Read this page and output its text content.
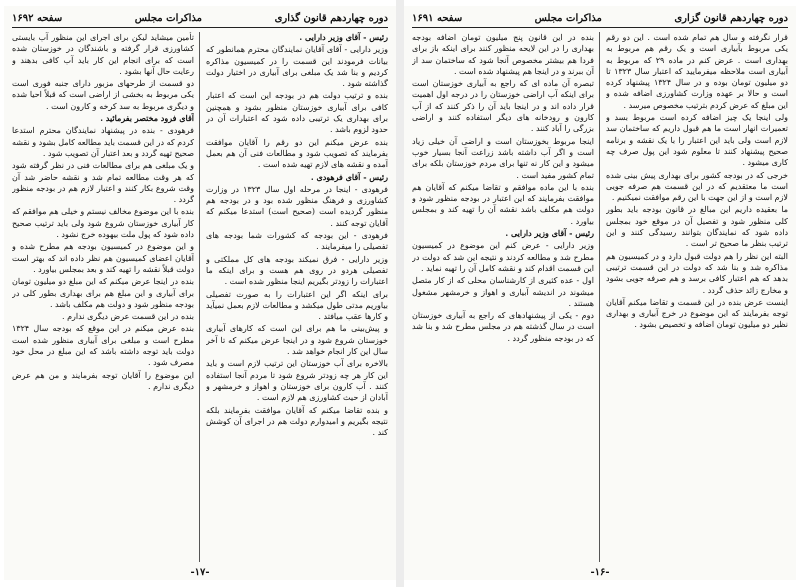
دوره چهاردهم قانون گذاری
مذاکرات مجلس
سفحه ۱۶۹۲

رئیس - آقای وزیر دارایی .

وزیر دارایی - آقای آقایان نمایندگان محترم همانطور که بیانات فرمودند این قسمت را در کمیسیون مذاکره کردیم و بنا شد یک مبلغی برای آبیاری در اختیار دولت گذاشته شود .

بنده و ترتیب دولت هم در بودجه این است که اعتبار کافی برای آبیاری خوزستان منظور بشود و همچنین برای بهداری یک ترتیبی داده شود که اعتبارات آن در حدود لزوم باشد .

بنده عرض میکنم این دو رقم را آقایان موافقت بفرمایند که تصویب شود و مطالعات فنی آن هم بعمل آمده و نقشه های لازم تهیه شده است .

رئیس - آقای فرهودی .

فرهودی - اینجا در مرحله اول سال ۱۳۲۳ در وزارت کشاورزی و فرهنگ منظور شده بود و در بودجه هم منظور گردیده است (صحیح است) استدعا میکنم که آقایان توجه کنند .

فرهودی - این بودجه که کشورات شما بودجه های تفصیلی را میفرمایند .

وزیر دارایی - فرق نمیکند بودجه های کل مملکتی و تفصیلی هردو در روی هم هست و برای اینکه ما اعتبارات را زودتر بگیریم اینجا منظور شده است .

برای اینکه اگر این اعتبارات را به صورت تفصیلی بیاوریم مدتی طول میکشد و مطالعات لازم بعمل نمیآید و کارها عقب میافتد .

و پیش‌بینی ما هم برای این است که کارهای آبیاری خوزستان شروع شود و در اینجا عرض میکنم که تا آخر سال این کار انجام خواهد شد .

بالاخره برای آب خوزستان این ترتیب لازم است و باید این کار هر چه زودتر شروع شود تا مردم آنجا استفاده کنند . آب کارون برای خوزستان و اهواز و خرمشهر و آبادان از حیث کشاورزی هم لازم است .

و بنده تقاضا میکنم که آقایان موافقت بفرمایند بلکه نتیجه بگیریم و امیدوارم دولت هم در اجرای آن کوشش کند .

تأمین میشاید لیکن برای اجرای این منظور آب بایستی کشاورزی قرار گرفته و باشندگان در خوزستان شده است که برای انجام این کار باید آب کافی بدهند و رعایت حال آنها بشود .

دو قسمت از طرحهای مزبور دارای جنبه فوری است یکی مربوط به بخشی از اراضی است که قبلاً احیا شده و دیگری مربوط به سد کرخه و کارون است .

آقای فرود مختصر بفرمائید .

فرهودی - بنده در پیشنهاد نمایندگان محترم استدعا کردم که در این قسمت باید مطالعه کامل بشود و نقشه صحیح تهیه گردد و بعد اعتبار آن تصویب شود .

و یک مبلغی هم برای مطالعات فنی در نظر گرفته شود که هر وقت مطالعه تمام شد و نقشه حاضر شد آن وقت شروع بکار کنند و اعتبار لازم هم در بودجه منظور گردد .

بنده با این موضوع مخالف نیستم و خیلی هم موافقم که کار آبیاری خوزستان شروع شود ولی باید ترتیب صحیح داده شود که پول ملت بیهوده خرج نشود .

و این موضوع در کمیسیون بودجه هم مطرح شده و آقایان اعضای کمیسیون هم نظر داده اند که بهتر است دولت قبلاً نقشه را تهیه کند و بعد بمجلس بیاورد .

بنده در اینجا عرض میکنم که این مبلغ دو میلیون تومان برای آبیاری و این مبلغ هم برای بهداری بطور کلی در بودجه منظور شود و دولت هم مکلف باشد .

بنده در این قسمت عرض دیگری ندارم .

بنده عرض میکنم در این موقع که بودجه سال ۱۳۲۴ مطرح است و مبلغی برای آبیاری منظور شده است دولت باید توجه داشته باشد که این مبلغ در محل خود مصرف شود .

این موضوع را آقایان توجه بفرمایند و من هم عرض دیگری ندارم .

-۱۷-
دوره چهاردهم قانون گزاری
مذاکرات مجلس
سفحه ۱۶۹۱

قرار نگرفته و سال هم تمام شده است . این دو رقم یکی مربوط بآبیاری است و یک رقم هم مربوط به بهداری است . عرض کنم در ماده ۲۹ که مربوط به آبیاری است ملاحظه میفرمایید که اعتبار سال ۱۳۲۳ تا دو میلیون تومان بوده و در سال ۱۳۲۴ پیشنهاد کرده است و حالا بر عهده وزارت کشاورزی اضافه شده و این مبلغ که عرض کردم بترتیب مخصوص میرسد .

ولی اینجا یک چیز اضافه کرده است مربوط بسد و تعمیرات انهار است ما هم قبول داریم که ساختمان سد لازم است ولی باید این اعتبار را با یک نقشه و برنامه صحیح پیشنهاد کنند تا معلوم شود این پول صرف چه کاری میشود .

خرجی که در بودجه کشور برای بهداری پیش بینی شده است ما معتقدیم که در این قسمت هم صرفه جویی لازم است و از این جهت با این رقم موافقت نمیکنیم .

ما بعقیده داریم این مبالغ در قانون بودجه باید بطور کلی منظور شود و تفصیل آن در موقع خود بمجلس داده شود که نمایندگان بتوانند رسیدگی کنند و این ترتیب بنظر ما صحیح تر است .

البته این نظر را هم دولت قبول دارد و در کمیسیون هم مذاکره شد و بنا شد که دولت در این قسمت ترتیبی بدهد که هم اعتبار کافی برسد و هم صرفه جویی بشود و مخارج زائد حذف گردد .

اینست عرض بنده در این قسمت و تقاضا میکنم آقایان توجه بفرمایند که این موضوع در خرج آبیاری و بهداری نظیر دو میلیون تومان اضافه و تخصیص بشود .

بنده در این قانون پنج میلیون تومان اضافه بودجه بهداری را در این لایحه منظور کنند برای اینکه باز برای فردا هم بیشتر مخصوص آنجا شود که ساختمان سد از آن ببرند و در اینجا هم پیشنهاد شده است .

تبصره آن ماده ای که راجع به آبیاری خوزستان است برای اینکه آب اراضی خوزستان را در درجه اول اهمیت قرار داده اند و در اینجا باید آن را ذکر کنند که از آب کارون و رودخانه های دیگر استفاده کنند و اراضی بزرگی را آباد کنند .

اینجا مربوط بخوزستان است و اراضی آن خیلی زیاد است و اگر آب داشته باشد زراعت آنجا بسیار خوب میشود و این کار نه تنها برای مردم خوزستان بلکه برای تمام کشور مفید است .

بنده با این ماده موافقم و تقاضا میکنم که آقایان هم موافقت بفرمایند که این اعتبار در بودجه منظور شود و دولت هم مکلف باشد نقشه آن را تهیه کند و بمجلس بیاورد .

رئیس - آقای وزیر دارایی .

وزیر دارایی - عرض کنم این موضوع در کمیسیون مطرح شد و مطالعه کردند و نتیجه این شد که دولت در این قسمت اقدام کند و نقشه کامل آن را تهیه نماید .

اول - عده کثیری از کارشناسان محلی که از کار متصل میشوند در اندیشه آبیاری و اهواز و خرمشهر مشغول هستند .

دوم - یکی از پیشنهادهای که راجع به آبیاری خوزستان است در سال گذشته هم در مجلس مطرح شد و بنا شد که در بودجه منظور گردد .

-۱۶-
